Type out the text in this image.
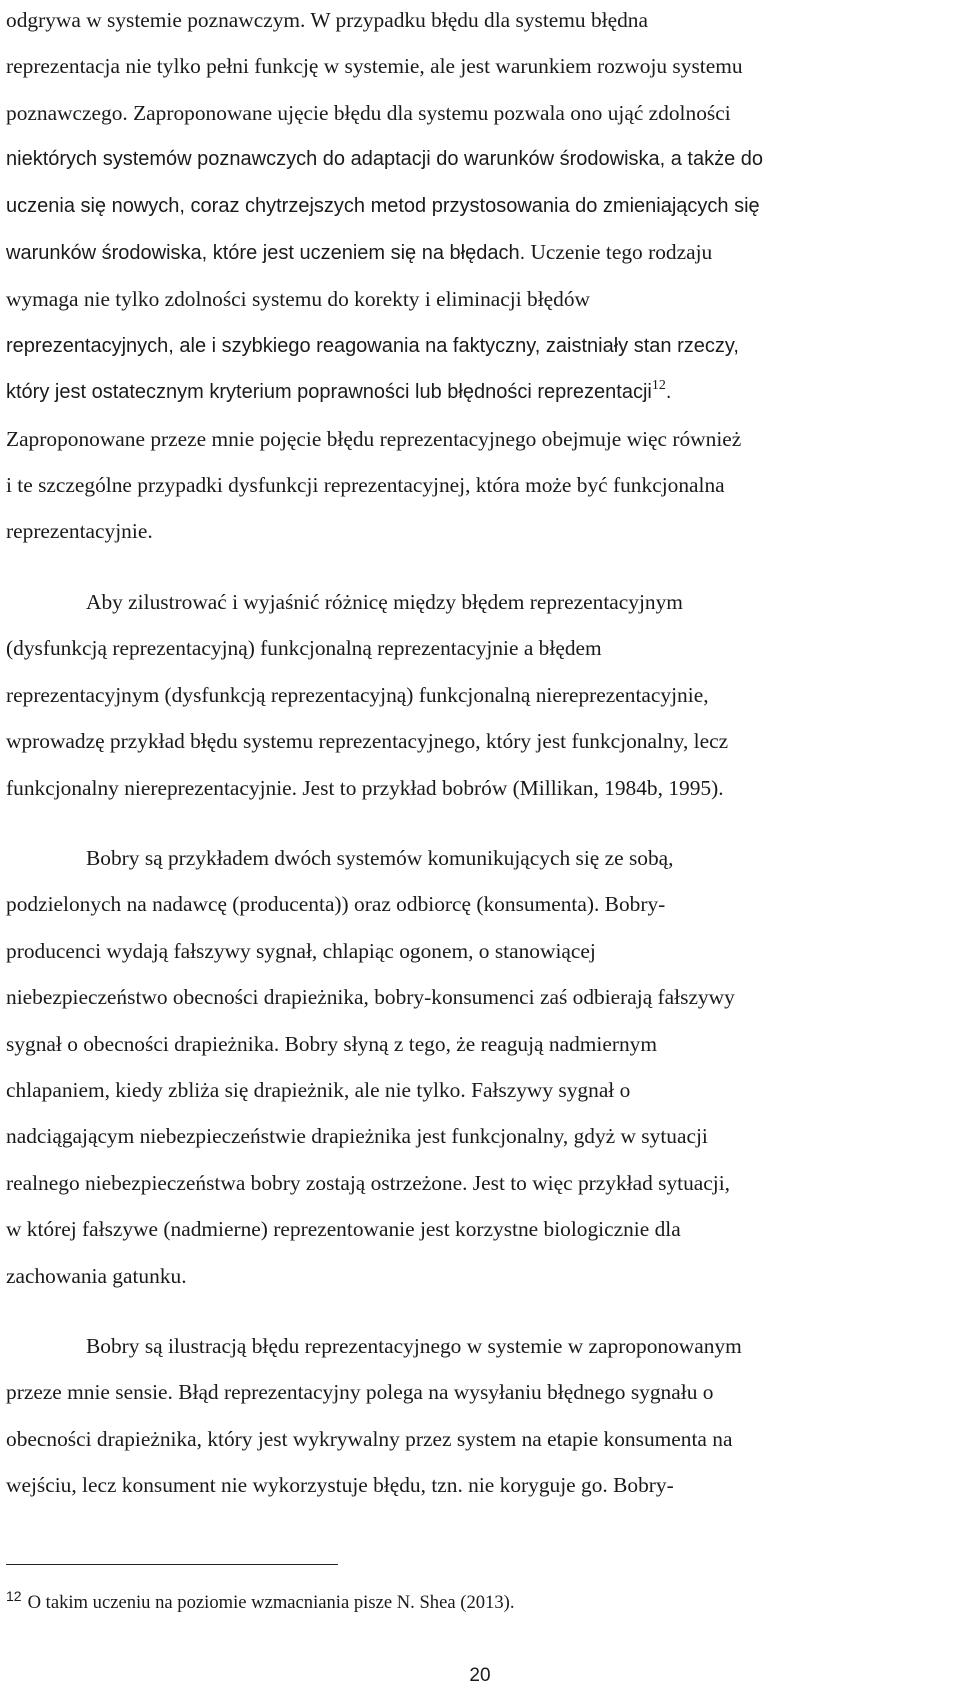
odgrywa w systemie poznawczym. W przypadku błędu dla systemu błędna
reprezentacja nie tylko pełni funkcję w systemie, ale jest warunkiem rozwoju systemu
poznawczego. Zaproponowane ujęcie błędu dla systemu pozwala ono ująć zdolności
niektórych systemów poznawczych do adaptacji do warunków środowiska, a także do
uczenia się nowych, coraz chytrzejszych metod przystosowania do zmieniających się
warunków środowiska, które jest uczeniem się na błędach. Uczenie tego rodzaju
wymaga nie tylko zdolności systemu do korekty i eliminacji błędów
reprezentacyjnych, ale i szybkiego reagowania na faktyczny, zaistniały stan rzeczy,
który jest ostatecznym kryterium poprawności lub błędności reprezentacji$^{12}$.
Zaproponowane przeze mnie pojęcie błędu reprezentacyjnego obejmuje więc również
i te szczególne przypadki dysfunkcji reprezentacyjnej, która może być funkcjonalna
reprezentacyjnie.

Aby zilustrować i wyjaśnić różnicę między błędem reprezentacyjnym
(dysfunkcją reprezentacyjną) funkcjonalną reprezentacyjnie a błędem
reprezentacyjnym (dysfunkcją reprezentacyjną) funkcjonalną niereprezentacyjnie,
wprowadzę przykład błędu systemu reprezentacyjnego, który jest funkcjonalny, lecz
funkcjonalny niereprezentacyjnie. Jest to przykład bobrów (Millikan, 1984b, 1995).

Bobry są przykładem dwóch systemów komunikujących się ze sobą,
podzielonych na nadawcę (producenta)) oraz odbiorcę (konsumenta). Bobry-
producenci wydają fałszywy sygnał, chlapiąc ogonem, o stanowiącej
niebezpieczeństwo obecności drapieżnika, bobry-konsumenci zaś odbierają fałszywy
sygnał o obecności drapieżnika. Bobry słyną z tego, że reagują nadmiernym
chlapaniem, kiedy zbliża się drapieżnik, ale nie tylko. Fałszywy sygnał o
nadciągającym niebezpieczeństwie drapieżnika jest funkcjonalny, gdyż w sytuacji
realnego niebezpieczeństwa bobry zostają ostrzeżone. Jest to więc przykład sytuacji,
w której fałszywe (nadmierne) reprezentowanie jest korzystne biologicznie dla
zachowania gatunku.

Bobry są ilustracją błędu reprezentacyjnego w systemie w zaproponowanym
przeze mnie sensie. Błąd reprezentacyjny polega na wysyłaniu błędnego sygnału o
obecności drapieżnika, który jest wykrywalny przez system na etapie konsumenta na
wejściu, lecz konsument nie wykorzystuje błędu, tzn. nie koryguje go. Bobry-

$^{12}$ O takim uczeniu na poziomie wzmacniania pisze N. Shea (2013).
20
